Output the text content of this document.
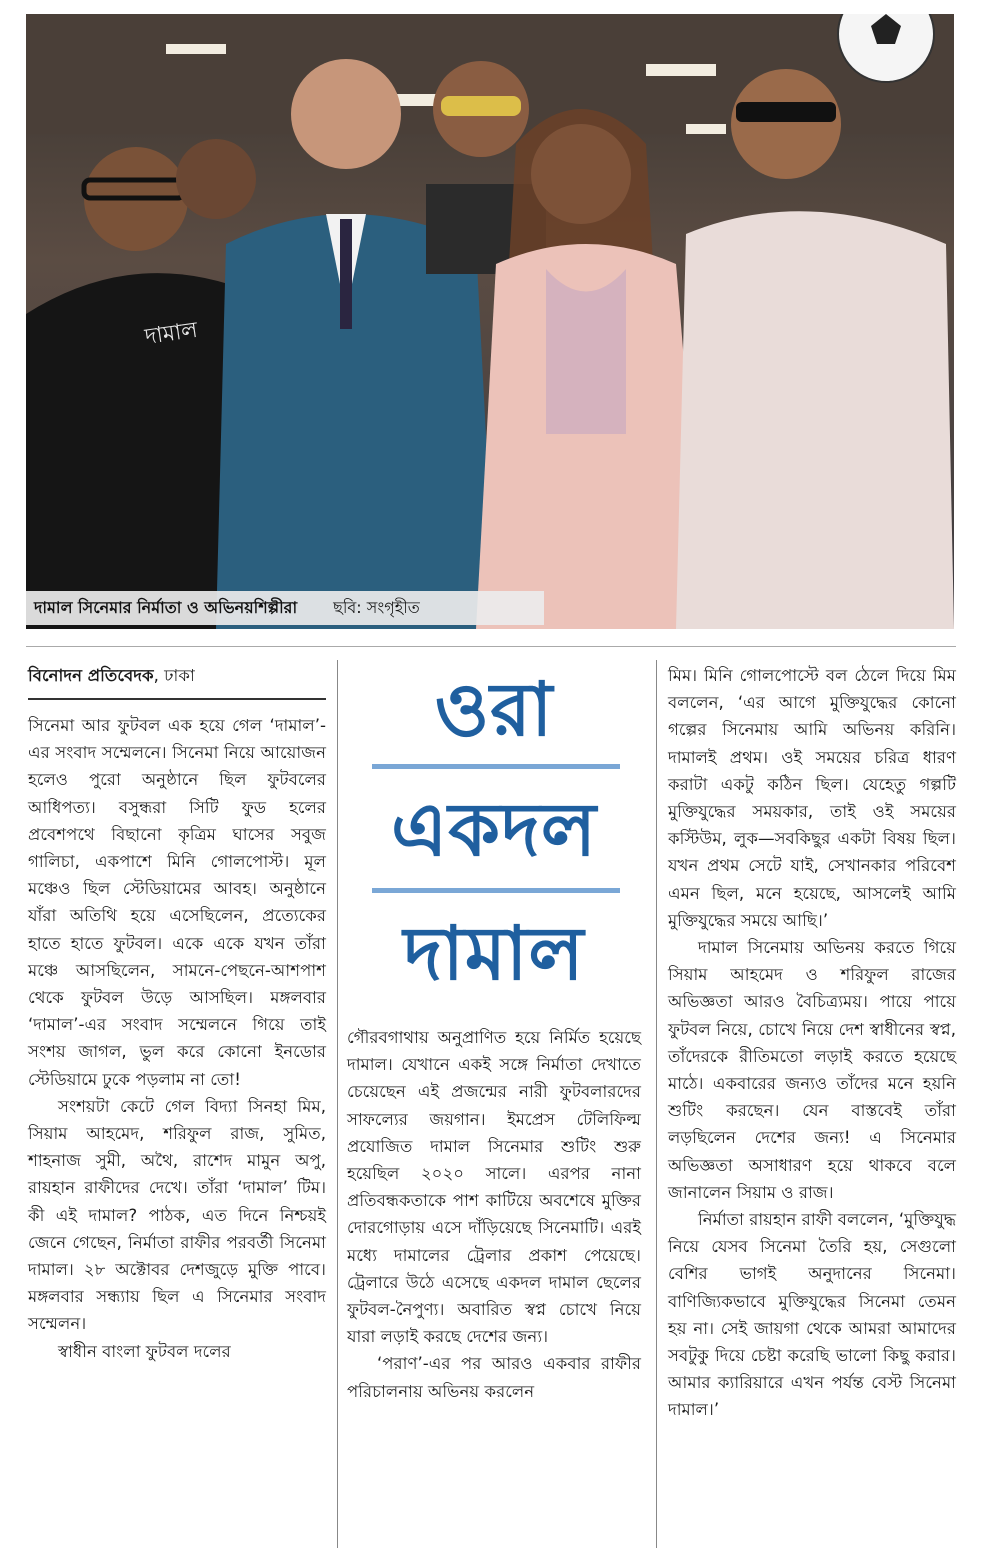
দামাল
দামাল সিনেমার নির্মাতা ও অভিনয়শিল্পীরা ছবি: সংগৃহীত
বিনোদন প্রতিবেদক, ঢাকা

সিনেমা আর ফুটবল এক হয়ে গেল ‘দামাল’-এর সংবাদ সম্মেলনে। সিনেমা নিয়ে আয়োজন হলেও পুরো অনুষ্ঠানে ছিল ফুটবলের আধিপত্য। বসুন্ধরা সিটি ফুড হলের প্রবেশপথে বিছানো কৃত্রিম ঘাসের সবুজ গালিচা, একপাশে মিনি গোলপোস্ট। মূল মঞ্চেও ছিল স্টেডিয়ামের আবহ। অনুষ্ঠানে যাঁরা অতিথি হয়ে এসেছিলেন, প্রত্যেকের হাতে হাতে ফুটবল। একে একে যখন তাঁরা মঞ্চে আসছিলেন, সামনে-পেছনে-আশপাশ থেকে ফুটবল উড়ে আসছিল। মঙ্গলবার ‘দামাল’-এর সংবাদ সম্মেলনে গিয়ে তাই সংশয় জাগল, ভুল করে কোনো ইনডোর স্টেডিয়ামে ঢুকে পড়লাম না তো!

সংশয়টা কেটে গেল বিদ্যা সিনহা মিম, সিয়াম আহমেদ, শরিফুল রাজ, সুমিত, শাহনাজ সুমী, অথৈ, রাশেদ মামুন অপু, রায়হান রাফীদের দেখে। তাঁরা ‘দামাল’ টিম। কী এই দামাল? পাঠক, এত দিনে নিশ্চয়ই জেনে গেছেন, নির্মাতা রাফীর পরবর্তী সিনেমা দামাল। ২৮ অক্টোবর দেশজুড়ে মুক্তি পাবে। মঙ্গলবার সন্ধ্যায় ছিল এ সিনেমার সংবাদ সম্মেলন।

স্বাধীন বাংলা ফুটবল দলের

ওরা
একদল
দামাল

গৌরবগাথায় অনুপ্রাণিত হয়ে নির্মিত হয়েছে দামাল। যেখানে একই সঙ্গে নির্মাতা দেখাতে চেয়েছেন এই প্রজন্মের নারী ফুটবলারদের সাফল্যের জয়গান। ইমপ্রেস টেলিফিল্ম প্রযোজিত দামাল সিনেমার শুটিং শুরু হয়েছিল ২০২০ সালে। এরপর নানা প্রতিবন্ধকতাকে পাশ কাটিয়ে অবশেষে মুক্তির দোরগোড়ায় এসে দাঁড়িয়েছে সিনেমাটি। এরই মধ্যে দামালের ট্রেলার প্রকাশ পেয়েছে। ট্রেলারে উঠে এসেছে একদল দামাল ছেলের ফুটবল-নৈপুণ্য। অবারিত স্বপ্ন চোখে নিয়ে যারা লড়াই করছে দেশের জন্য।

‘পরাণ’-এর পর আরও একবার রাফীর পরিচালনায় অভিনয় করলেন

মিম। মিনি গোলপোস্টে বল ঠেলে দিয়ে মিম বললেন, ‘এর আগে মুক্তিযুদ্ধের কোনো গল্পের সিনেমায় আমি অভিনয় করিনি। দামালই প্রথম। ওই সময়ের চরিত্র ধারণ করাটা একটু কঠিন ছিল। যেহেতু গল্পটি মুক্তিযুদ্ধের সময়কার, তাই ওই সময়ের কস্টিউম, লুক—সবকিছুর একটা বিষয় ছিল। যখন প্রথম সেটে যাই, সেখানকার পরিবেশ এমন ছিল, মনে হয়েছে, আসলেই আমি মুক্তিযুদ্ধের সময়ে আছি।’

দামাল সিনেমায় অভিনয় করতে গিয়ে সিয়াম আহমেদ ও শরিফুল রাজের অভিজ্ঞতা আরও বৈচিত্র্যময়। পায়ে পায়ে ফুটবল নিয়ে, চোখে নিয়ে দেশ স্বাধীনের স্বপ্ন, তাঁদেরকে রীতিমতো লড়াই করতে হয়েছে মাঠে। একবারের জন্যও তাঁদের মনে হয়নি শুটিং করছেন। যেন বাস্তবেই তাঁরা লড়ছিলেন দেশের জন্য! এ সিনেমার অভিজ্ঞতা অসাধারণ হয়ে থাকবে বলে জানালেন সিয়াম ও রাজ।

নির্মাতা রায়হান রাফী বললেন, ‘মুক্তিযুদ্ধ নিয়ে যেসব সিনেমা তৈরি হয়, সেগুলো বেশির ভাগই অনুদানের সিনেমা। বাণিজ্যিকভাবে মুক্তিযুদ্ধের সিনেমা তেমন হয় না। সেই জায়গা থেকে আমরা আমাদের সবটুকু দিয়ে চেষ্টা করেছি ভালো কিছু করার। আমার ক্যারিয়ারে এখন পর্যন্ত বেস্ট সিনেমা দামাল।’
